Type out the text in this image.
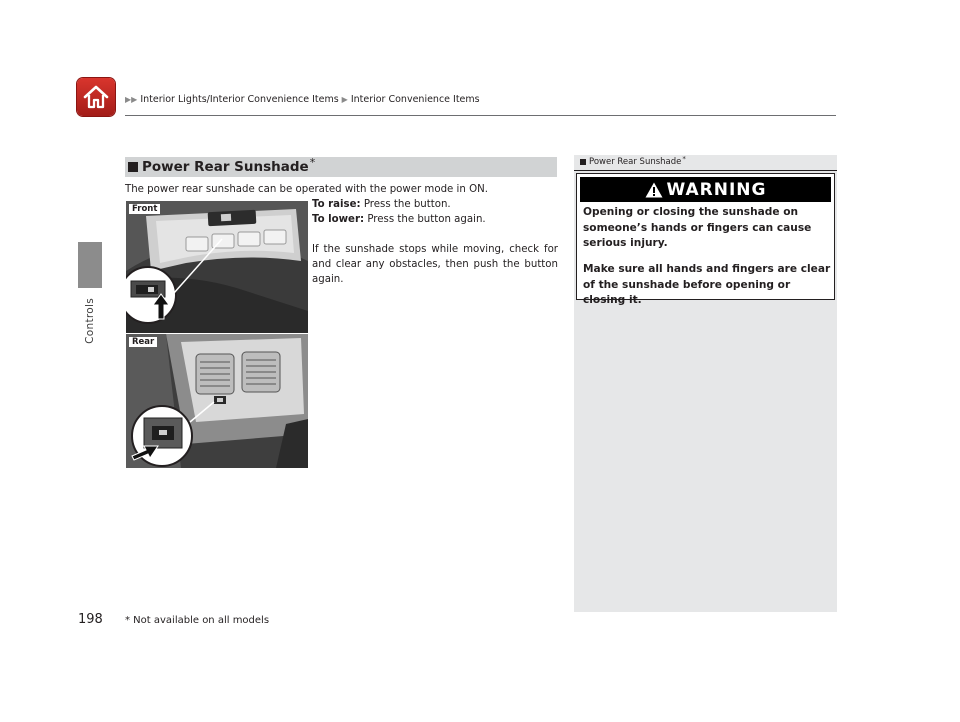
▶▶ Interior Lights/Interior Convenience Items ▶ Interior Convenience Items
Controls
198
Power Rear Sunshade *
The power rear sunshade can be operated with the power mode in ON.
To raise: Press the button.
To lower: Press the button again.
If the sunshade stops while moving, check for and clear any obstacles, then push the button again.
Front
Rear
Power Rear Sunshade *
WARNING
Opening or closing the sunshade on someone’s hands or fingers can cause serious injury.
Make sure all hands and fingers are clear of the sunshade before opening or closing it.
* Not available on all models
